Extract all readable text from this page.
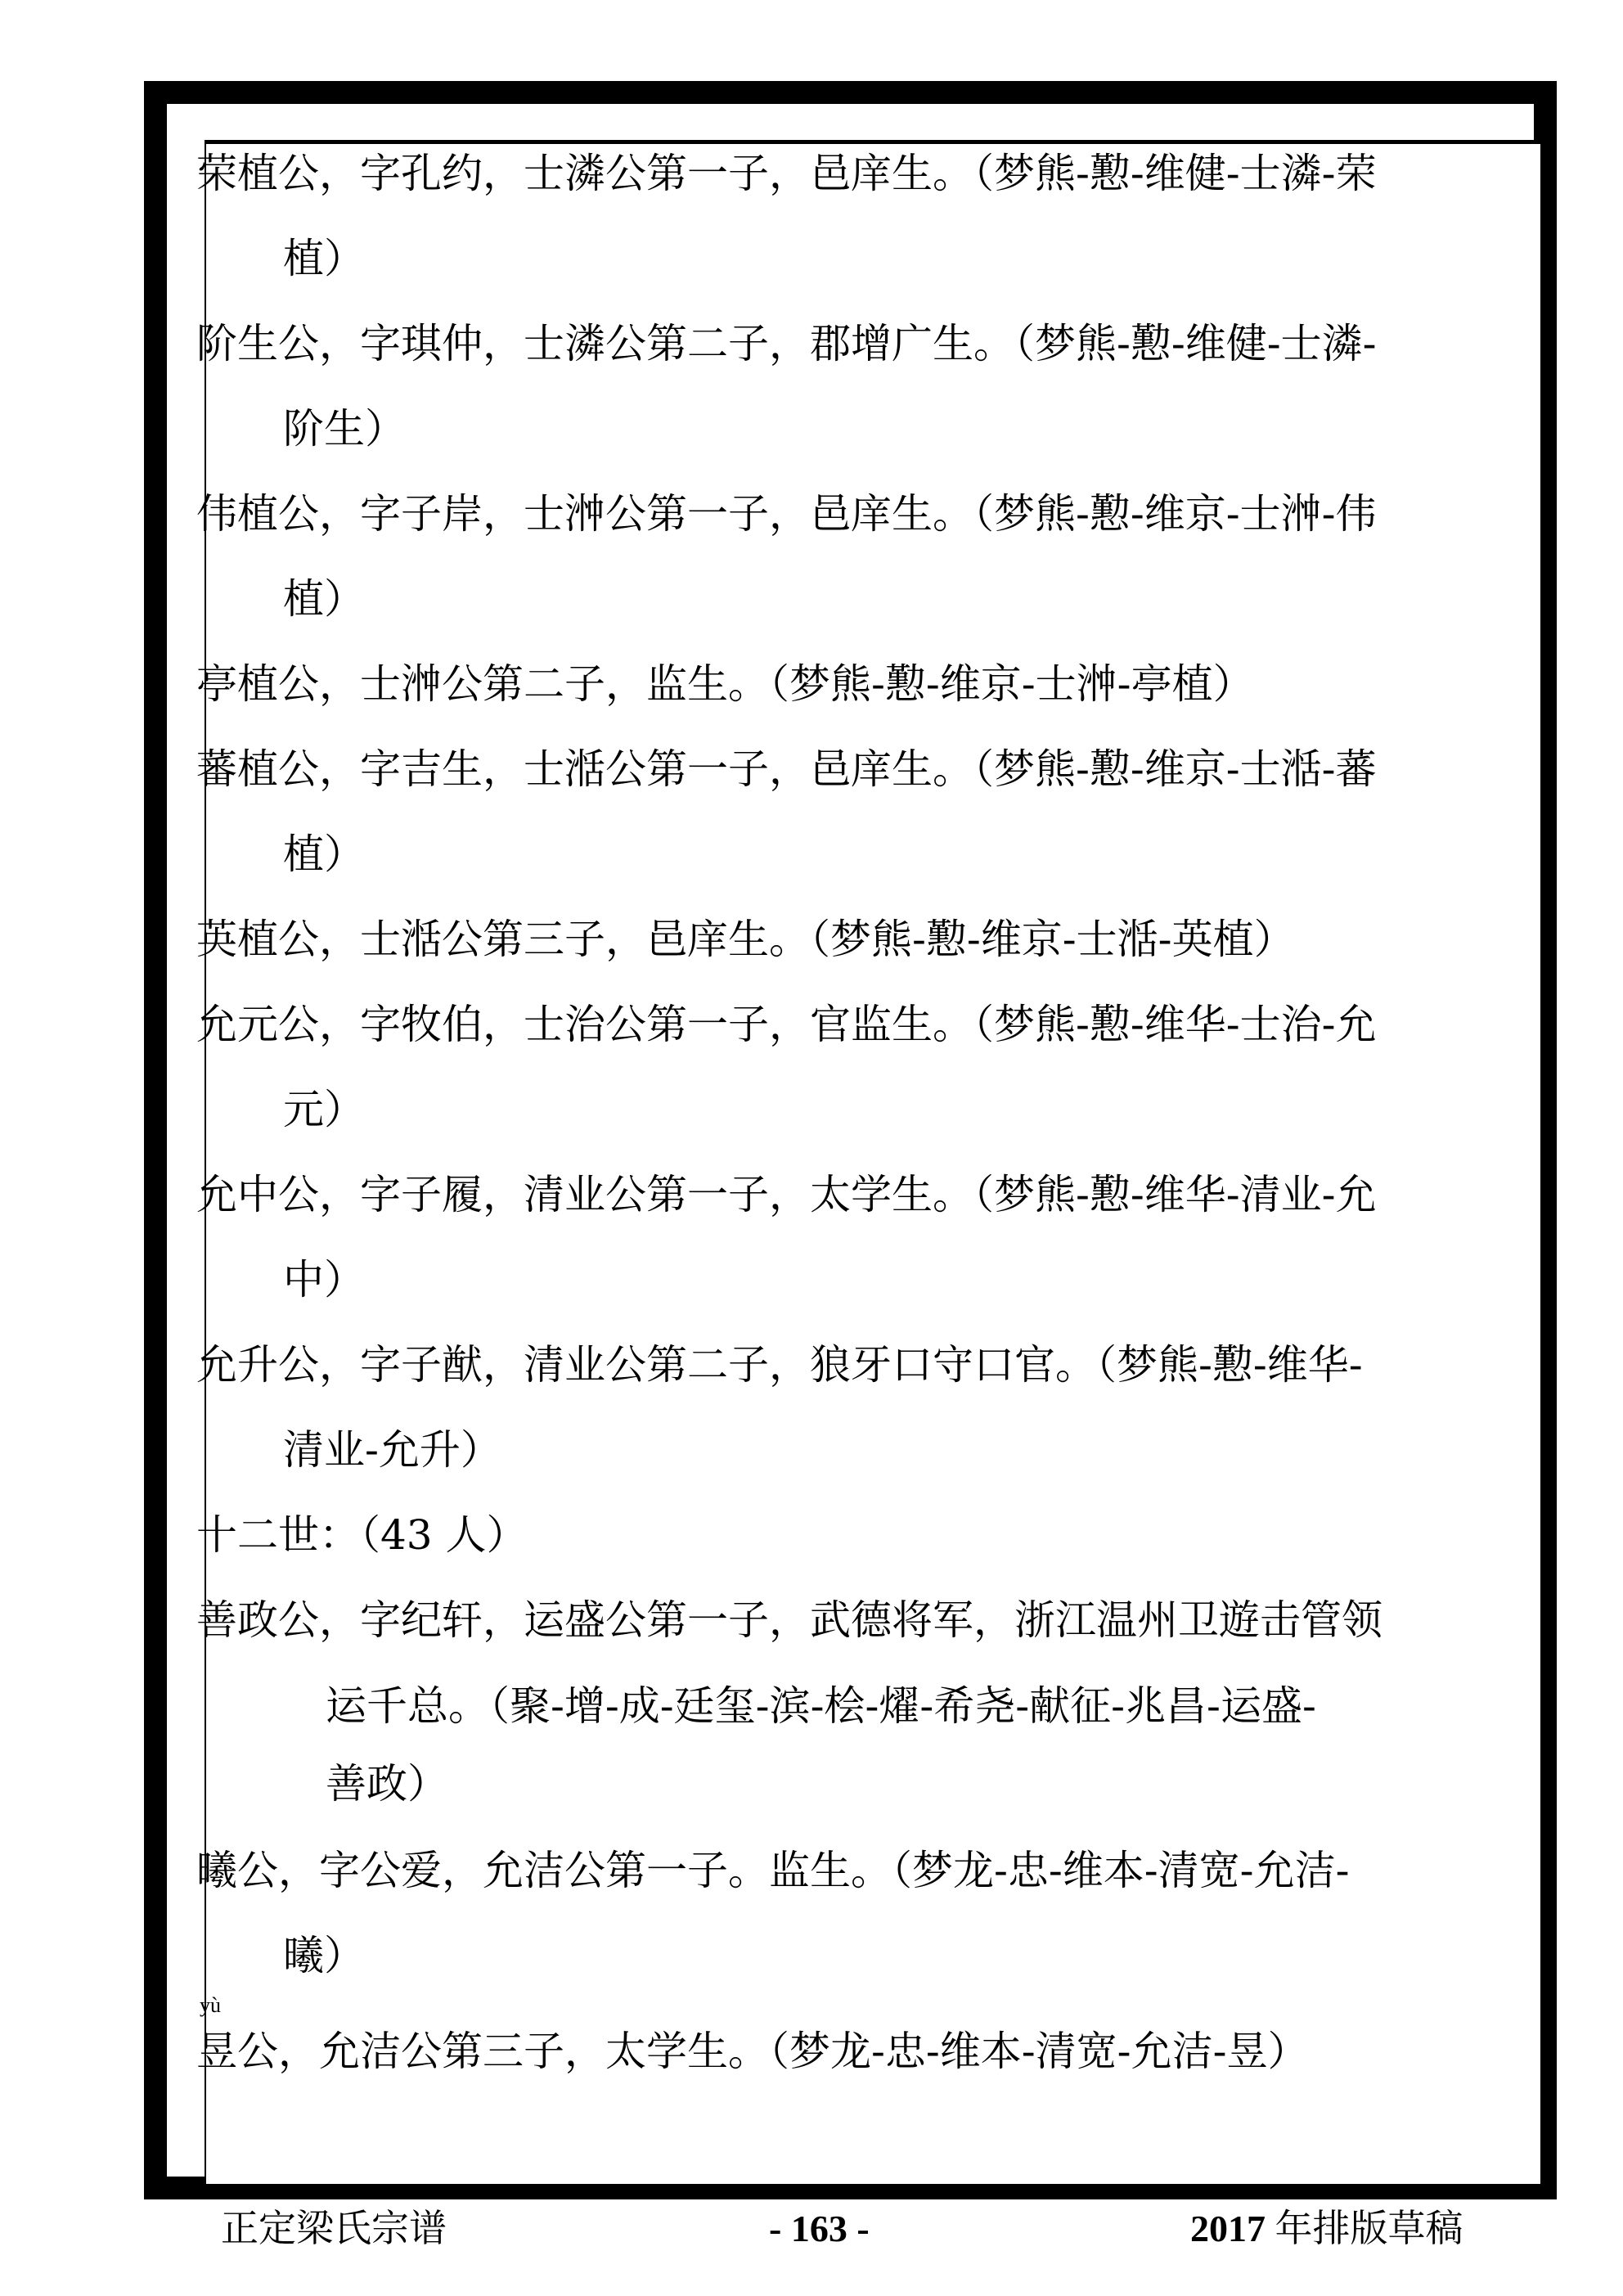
荣植公，字孔约，士潾公第一子，邑庠生。（梦熊-懃-维健-士潾-荣
植）
阶生公，字琪仲，士潾公第二子，郡增广生。（梦熊-懃-维健-士潾-
阶生）
伟植公，字子岸，士浺公第一子，邑庠生。（梦熊-懃-维京-士浺-伟
植）
亭植公，士浺公第二子，监生。（梦熊-懃-维京-士浺-亭植）
蕃植公，字吉生，士湉公第一子，邑庠生。（梦熊-懃-维京-士湉-蕃
植）
英植公，士湉公第三子，邑庠生。（梦熊-懃-维京-士湉-英植）
允元公，字牧伯，士治公第一子，官监生。（梦熊-懃-维华-士治-允
元）
允中公，字子履，清业公第一子，太学生。（梦熊-懃-维华-清业-允
中）
允升公，字子猷，清业公第二子，狼牙口守口官。（梦熊-懃-维华-
清业-允升）
十二世：（43 人）
善政公，字纪轩，运盛公第一子，武德将军，浙江温州卫遊击管领
运千总。（聚-增-成-廷玺-滨-桧-燿-希尧-献征-兆昌-运盛-
善政）
曦公，字公爱，允洁公第一子。监生。（梦龙-忠-维本-清宽-允洁-
曦）
yù
昱公，允洁公第三子，太学生。（梦龙-忠-维本-清宽-允洁-昱）
正定梁氏宗谱	- 163 -	2017 年排版草稿
